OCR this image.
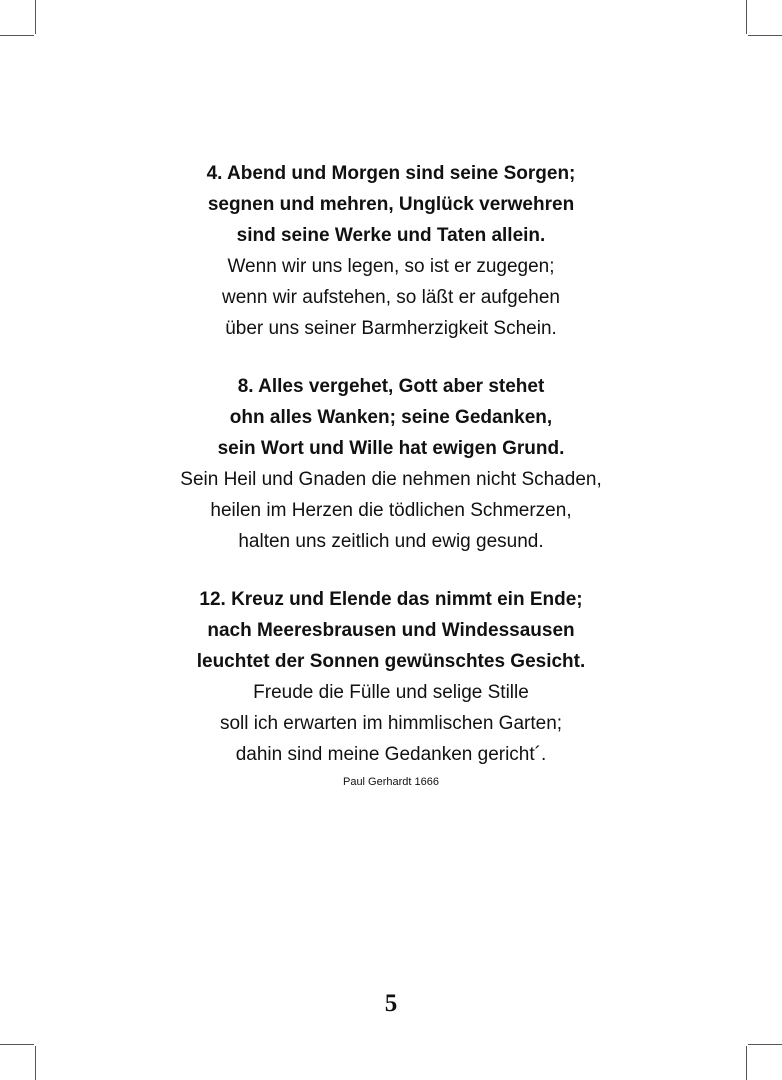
4. Abend und Morgen sind seine Sorgen;
segnen und mehren, Unglück verwehren
sind seine Werke und Taten allein.
Wenn wir uns legen, so ist er zugegen;
wenn wir aufstehen, so läßt er aufgehen
über uns seiner Barmherzigkeit Schein.
8. Alles vergehet, Gott aber stehet
ohn alles Wanken; seine Gedanken,
sein Wort und Wille hat ewigen Grund.
Sein Heil und Gnaden die nehmen nicht Schaden,
heilen im Herzen die tödlichen Schmerzen,
halten uns zeitlich und ewig gesund.
12. Kreuz und Elende das nimmt ein Ende;
nach Meeresbrausen und Windessausen
leuchtet der Sonnen gewünschtes Gesicht.
Freude die Fülle und selige Stille
soll ich erwarten im himmlischen Garten;
dahin sind meine Gedanken gericht´.
Paul Gerhardt 1666
5
